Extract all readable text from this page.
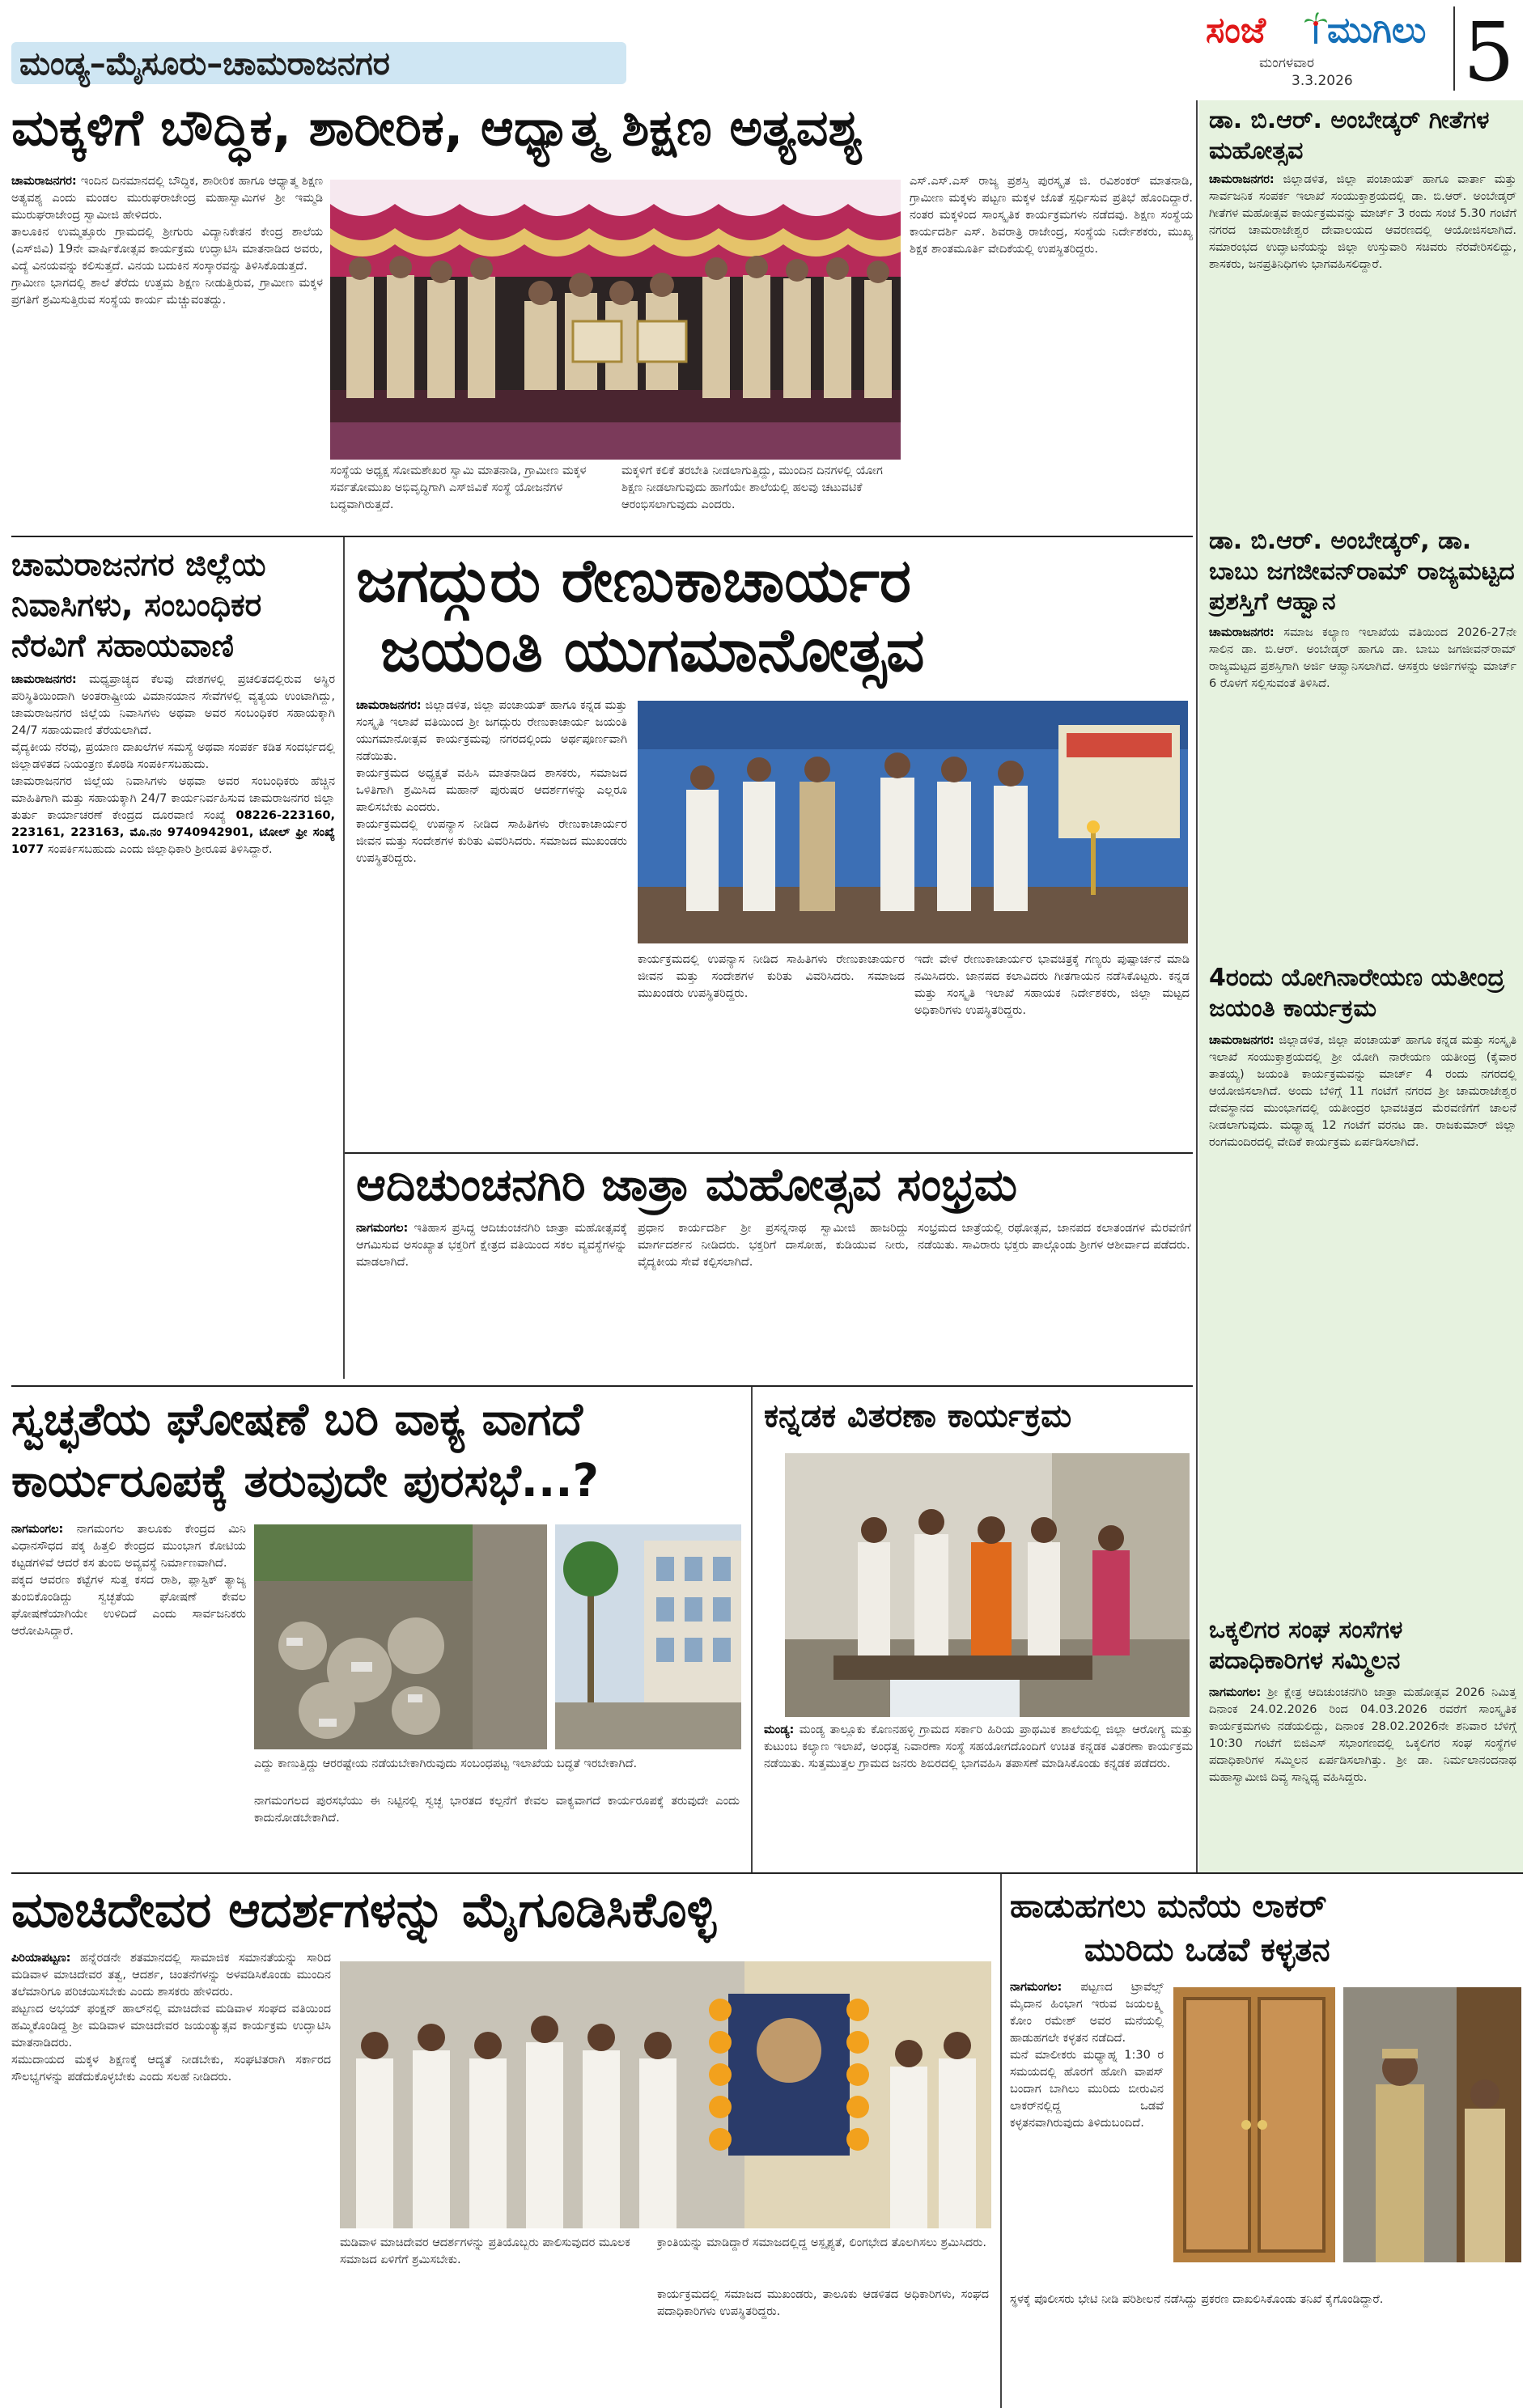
ಮಂಡ್ಯ–ಮೈಸೂರು–ಚಾಮರಾಜನಗರ
ಸಂಜೆ ಮುಗಿಲು
ಮಂಗಳವಾರ
3.3.2026 5
ಮಕ್ಕಳಿಗೆ ಬೌದ್ಧಿಕ, ಶಾರೀರಿಕ, ಆಧ್ಯಾತ್ಮ ಶಿಕ್ಷಣ ಅತ್ಯವಶ್ಯ
ಚಾಮರಾಜನಗರ: ಇಂದಿನ ದಿನಮಾನದಲ್ಲಿ ಬೌದ್ಧಿಕ, ಶಾರೀರಿಕ ಹಾಗೂ ಆಧ್ಯಾತ್ಮ ಶಿಕ್ಷಣ ಅತ್ಯವಶ್ಯ ಎಂದು ಮಂಡಲ ಮುರುಘರಾಜೇಂದ್ರ ಮಹಾಸ್ವಾಮಿಗಳ ಶ್ರೀ ಇಮ್ಮಡಿ ಮುರುಘರಾಜೇಂದ್ರ ಸ್ವಾಮೀಜಿ ಹೇಳಿದರು.
ತಾಲೂಕಿನ ಉಮ್ಮತ್ತೂರು ಗ್ರಾಮದಲ್ಲಿ ಶ್ರೀಗುರು ವಿದ್ಯಾನಿಕೇತನ ಕೇಂದ್ರ ಶಾಲೆಯ (ಎಸ್‌ಜಿವಿ) 19ನೇ ವಾರ್ಷಿಕೋತ್ಸವ ಕಾರ್ಯಕ್ರಮ ಉದ್ಘಾಟಿಸಿ ಮಾತನಾಡಿದ ಅವರು, ವಿದ್ಯೆ ವಿನಯವನ್ನು ಕಲಿಸುತ್ತದೆ. ವಿನಯ ಬದುಕಿನ ಸಂಸ್ಕಾರವನ್ನು ತಿಳಿಸಿಕೊಡುತ್ತದೆ.
ಗ್ರಾಮೀಣ ಭಾಗದಲ್ಲಿ ಶಾಲೆ ತೆರೆದು ಉತ್ತಮ ಶಿಕ್ಷಣ ನೀಡುತ್ತಿರುವ, ಗ್ರಾಮೀಣ ಮಕ್ಕಳ ಪ್ರಗತಿಗೆ ಶ್ರಮಿಸುತ್ತಿರುವ ಸಂಸ್ಥೆಯ ಕಾರ್ಯ ಮೆಚ್ಚುವಂತದ್ದು.
ಸಂಸ್ಥೆಯ ಅಧ್ಯಕ್ಷ ಸೋಮಶೇಖರ ಸ್ವಾಮಿ ಮಾತನಾಡಿ, ಗ್ರಾಮೀಣ ಮಕ್ಕಳ ಸರ್ವತೋಮುಖ ಅಭಿವೃದ್ಧಿಗಾಗಿ ಎಸ್‌ಜಿವಿಕೆ ಸಂಸ್ಥೆ ಯೋಜನೆಗಳ ಬದ್ಧವಾಗಿರುತ್ತದೆ.
ಮಕ್ಕಳಿಗೆ ಕಲಿಕೆ ತರಬೇತಿ ನೀಡಲಾಗುತ್ತಿದ್ದು, ಮುಂದಿನ ದಿನಗಳಲ್ಲಿ ಯೋಗ ಶಿಕ್ಷಣ ನೀಡಲಾಗುವುದು ಹಾಗೆಯೇ ಶಾಲೆಯಲ್ಲಿ ಹಲವು ಚಟುವಟಿಕೆ ಆರಂಭಿಸಲಾಗುವುದು ಎಂದರು.
ಎಸ್.ಎಸ್.ಎಸ್ ರಾಜ್ಯ ಪ್ರಶಸ್ತಿ ಪುರಸ್ಕೃತ ಜಿ. ರವಿಶಂಕರ್ ಮಾತನಾಡಿ, ಗ್ರಾಮೀಣ ಮಕ್ಕಳು ಪಟ್ಟಣ ಮಕ್ಕಳ ಜೊತೆ ಸ್ಪರ್ಧಿಸುವ ಪ್ರತಿಭೆ ಹೊಂದಿದ್ದಾರೆ. ನಂತರ ಮಕ್ಕಳಿಂದ ಸಾಂಸ್ಕೃತಿಕ ಕಾರ್ಯಕ್ರಮಗಳು ನಡೆದವು. ಶಿಕ್ಷಣ ಸಂಸ್ಥೆಯ ಕಾರ್ಯದರ್ಶಿ ಎಸ್. ಶಿವರಾತ್ರಿ ರಾಜೇಂದ್ರ, ಸಂಸ್ಥೆಯ ನಿರ್ದೇಶಕರು, ಮುಖ್ಯ ಶಿಕ್ಷಕ ಶಾಂತಮೂರ್ತಿ ವೇದಿಕೆಯಲ್ಲಿ ಉಪಸ್ಥಿತರಿದ್ದರು.
ಚಾಮರಾಜನಗರ ಜಿಲ್ಲೆಯ
ನಿವಾಸಿಗಳು, ಸಂಬಂಧಿಕರ
ನೆರವಿಗೆ ಸಹಾಯವಾಣಿ
ಚಾಮರಾಜನಗರ: ಮಧ್ಯಪ್ರಾಚ್ಯದ ಕೆಲವು ದೇಶಗಳಲ್ಲಿ ಪ್ರಚಲಿತದಲ್ಲಿರುವ ಅಸ್ಥಿರ ಪರಿಸ್ಥಿತಿಯಿಂದಾಗಿ ಅಂತರಾಷ್ಟ್ರೀಯ ವಿಮಾನಯಾನ ಸೇವೆಗಳಲ್ಲಿ ವ್ಯತ್ಯಯ ಉಂಟಾಗಿದ್ದು, ಚಾಮರಾಜನಗರ ಜಿಲ್ಲೆಯ ನಿವಾಸಿಗಳು ಅಥವಾ ಅವರ ಸಂಬಂಧಿಕರ ಸಹಾಯಕ್ಕಾಗಿ 24/7 ಸಹಾಯವಾಣಿ ತೆರೆಯಲಾಗಿದೆ.
ವೈದ್ಯಕೀಯ ನೆರವು, ಪ್ರಯಾಣ ದಾಖಲೆಗಳ ಸಮಸ್ಯೆ ಅಥವಾ ಸಂಪರ್ಕ ಕಡಿತ ಸಂದರ್ಭದಲ್ಲಿ ಜಿಲ್ಲಾಡಳಿತದ ನಿಯಂತ್ರಣ ಕೊಠಡಿ ಸಂಪರ್ಕಿಸಬಹುದು.
ಚಾಮರಾಜನಗರ ಜಿಲ್ಲೆಯ ನಿವಾಸಿಗಳು ಅಥವಾ ಅವರ ಸಂಬಂಧಿಕರು ಹೆಚ್ಚಿನ ಮಾಹಿತಿಗಾಗಿ ಮತ್ತು ಸಹಾಯಕ್ಕಾಗಿ 24/7 ಕಾರ್ಯನಿರ್ವಹಿಸುವ ಚಾಮರಾಜನಗರ ಜಿಲ್ಲಾ ತುರ್ತು ಕಾರ್ಯಾಚರಣೆ ಕೇಂದ್ರದ ದೂರವಾಣಿ ಸಂಖ್ಯೆ 08226-223160, 223161, 223163, ಮೊ.ನಂ 9740942901, ಟೋಲ್ ಫ್ರೀ ಸಂಖ್ಯೆ 1077 ಸಂಪರ್ಕಿಸಬಹುದು ಎಂದು ಜಿಲ್ಲಾಧಿಕಾರಿ ಶ್ರೀರೂಪ ತಿಳಿಸಿದ್ದಾರೆ.
ಜಗದ್ಗುರು ರೇಣುಕಾಚಾರ್ಯರ
ಜಯಂತಿ ಯುಗಮಾನೋತ್ಸವ
ಚಾಮರಾಜನಗರ: ಜಿಲ್ಲಾಡಳಿತ, ಜಿಲ್ಲಾ ಪಂಚಾಯತ್ ಹಾಗೂ ಕನ್ನಡ ಮತ್ತು ಸಂಸ್ಕೃತಿ ಇಲಾಖೆ ವತಿಯಿಂದ ಶ್ರೀ ಜಗದ್ಗುರು ರೇಣುಕಾಚಾರ್ಯ ಜಯಂತಿ ಯುಗಮಾನೋತ್ಸವ ಕಾರ್ಯಕ್ರಮವು ನಗರದಲ್ಲಿಂದು ಅರ್ಥಪೂರ್ಣವಾಗಿ ನಡೆಯಿತು.
ಕಾರ್ಯಕ್ರಮದ ಅಧ್ಯಕ್ಷತೆ ವಹಿಸಿ ಮಾತನಾಡಿದ ಶಾಸಕರು, ಸಮಾಜದ ಒಳಿತಿಗಾಗಿ ಶ್ರಮಿಸಿದ ಮಹಾನ್ ಪುರುಷರ ಆದರ್ಶಗಳನ್ನು ಎಲ್ಲರೂ ಪಾಲಿಸಬೇಕು ಎಂದರು.
ಕಾರ್ಯಕ್ರಮದಲ್ಲಿ ಉಪನ್ಯಾಸ ನೀಡಿದ ಸಾಹಿತಿಗಳು ರೇಣುಕಾಚಾರ್ಯರ ಜೀವನ ಮತ್ತು ಸಂದೇಶಗಳ ಕುರಿತು ವಿವರಿಸಿದರು. ಸಮಾಜದ ಮುಖಂಡರು ಉಪಸ್ಥಿತರಿದ್ದರು.
ಕಾರ್ಯಕ್ರಮದಲ್ಲಿ ಉಪನ್ಯಾಸ ನೀಡಿದ ಸಾಹಿತಿಗಳು ರೇಣುಕಾಚಾರ್ಯರ ಜೀವನ ಮತ್ತು ಸಂದೇಶಗಳ ಕುರಿತು ವಿವರಿಸಿದರು. ಸಮಾಜದ ಮುಖಂಡರು ಉಪಸ್ಥಿತರಿದ್ದರು.
ಇದೇ ವೇಳೆ ರೇಣುಕಾಚಾರ್ಯರ ಭಾವಚಿತ್ರಕ್ಕೆ ಗಣ್ಯರು ಪುಷ್ಪಾರ್ಚನೆ ಮಾಡಿ ನಮಿಸಿದರು. ಜಾನಪದ ಕಲಾವಿದರು ಗೀತಗಾಯನ ನಡೆಸಿಕೊಟ್ಟರು. ಕನ್ನಡ ಮತ್ತು ಸಂಸ್ಕೃತಿ ಇಲಾಖೆ ಸಹಾಯಕ ನಿರ್ದೇಶಕರು, ಜಿಲ್ಲಾ ಮಟ್ಟದ ಅಧಿಕಾರಿಗಳು ಉಪಸ್ಥಿತರಿದ್ದರು.
ಆದಿಚುಂಚನಗಿರಿ ಜಾತ್ರಾ ಮಹೋತ್ಸವ ಸಂಭ್ರಮ
ನಾಗಮಂಗಲ: ಇತಿಹಾಸ ಪ್ರಸಿದ್ಧ ಆದಿಚುಂಚನಗಿರಿ ಜಾತ್ರಾ ಮಹೋತ್ಸವಕ್ಕೆ ಆಗಮಿಸುವ ಅಸಂಖ್ಯಾತ ಭಕ್ತರಿಗೆ ಕ್ಷೇತ್ರದ ವತಿಯಿಂದ ಸಕಲ ವ್ಯವಸ್ಥೆಗಳನ್ನು ಮಾಡಲಾಗಿದೆ.
ಪ್ರಧಾನ ಕಾರ್ಯದರ್ಶಿ ಶ್ರೀ ಪ್ರಸನ್ನನಾಥ ಸ್ವಾಮೀಜಿ ಹಾಜರಿದ್ದು ಮಾರ್ಗದರ್ಶನ ನೀಡಿದರು. ಭಕ್ತರಿಗೆ ದಾಸೋಹ, ಕುಡಿಯುವ ನೀರು, ವೈದ್ಯಕೀಯ ಸೇವೆ ಕಲ್ಪಿಸಲಾಗಿದೆ.
ಸಂಭ್ರಮದ ಜಾತ್ರೆಯಲ್ಲಿ ರಥೋತ್ಸವ, ಜಾನಪದ ಕಲಾತಂಡಗಳ ಮೆರವಣಿಗೆ ನಡೆಯಿತು. ಸಾವಿರಾರು ಭಕ್ತರು ಪಾಲ್ಗೊಂಡು ಶ್ರೀಗಳ ಆಶೀರ್ವಾದ ಪಡೆದರು.
ಸ್ವಚ್ಛತೆಯ ಘೋಷಣೆ ಬರಿ ವಾಕ್ಯ ವಾಗದೆ
ಕಾರ್ಯರೂಪಕ್ಕೆ ತರುವುದೇ ಪುರಸಭೆ...?
ನಾಗಮಂಗಲ: ನಾಗಮಂಗಲ ತಾಲೂಕು ಕೇಂದ್ರದ ಮಿನಿ ವಿಧಾನಸೌಧದ ಪಕ್ಕ ಹಿತ್ತಲಿ ಕೇಂದ್ರದ ಮುಂಭಾಗ ಕೋಟಿಯ ಕಟ್ಟಡಗಳಿವೆ ಆದರೆ ಕಸ ತುಂಬಿ ಅವ್ಯವಸ್ಥೆ ನಿರ್ಮಾಣವಾಗಿದೆ.
ಪಕ್ಕದ ಆವರಣ ಕಟ್ಟೆಗಳ ಸುತ್ತ ಕಸದ ರಾಶಿ, ಪ್ಲಾಸ್ಟಿಕ್ ತ್ಯಾಜ್ಯ ತುಂಬಿಕೊಂಡಿದ್ದು ಸ್ವಚ್ಛತೆಯ ಘೋಷಣೆ ಕೇವಲ ಘೋಷಣೆಯಾಗಿಯೇ ಉಳಿದಿದೆ ಎಂದು ಸಾರ್ವಜನಿಕರು ಆರೋಪಿಸಿದ್ದಾರೆ.
ಎದ್ದು ಕಾಣುತ್ತಿದ್ದು ಆರರಷ್ಟೇಯ ನಡೆಯಬೇಕಾಗಿರುವುದು ಸಂಬಂಧಪಟ್ಟ ಇಲಾಖೆಯ ಬದ್ಧತೆ ಇರಬೇಕಾಗಿದೆ.
ನಾಗಮಂಗಲದ ಪುರಸಭೆಯು ಈ ನಿಟ್ಟಿನಲ್ಲಿ ಸ್ವಚ್ಛ ಭಾರತದ ಕಲ್ಪನೆಗೆ ಕೇವಲ ವಾಕ್ಯವಾಗದೆ ಕಾರ್ಯರೂಪಕ್ಕೆ ತರುವುದೇ ಎಂದು ಕಾದುನೋಡಬೇಕಾಗಿದೆ.
ಕನ್ನಡಕ ವಿತರಣಾ ಕಾರ್ಯಕ್ರಮ
ಮಂಡ್ಯ: ಮಂಡ್ಯ ತಾಲ್ಲೂಕು ಕೊಣನಹಳ್ಳಿ ಗ್ರಾಮದ ಸರ್ಕಾರಿ ಹಿರಿಯ ಪ್ರಾಥಮಿಕ ಶಾಲೆಯಲ್ಲಿ ಜಿಲ್ಲಾ ಆರೋಗ್ಯ ಮತ್ತು ಕುಟುಂಬ ಕಲ್ಯಾಣ ಇಲಾಖೆ, ಅಂಧತ್ವ ನಿವಾರಣಾ ಸಂಸ್ಥೆ ಸಹಯೋಗದೊಂದಿಗೆ ಉಚಿತ ಕನ್ನಡಕ ವಿತರಣಾ ಕಾರ್ಯಕ್ರಮ ನಡೆಯಿತು. ಸುತ್ತಮುತ್ತಲ ಗ್ರಾಮದ ಜನರು ಶಿಬಿರದಲ್ಲಿ ಭಾಗವಹಿಸಿ ತಪಾಸಣೆ ಮಾಡಿಸಿಕೊಂಡು ಕನ್ನಡಕ ಪಡೆದರು.
ಮಾಚಿದೇವರ ಆದರ್ಶಗಳನ್ನು ಮೈಗೂಡಿಸಿಕೊಳ್ಳಿ
ಪಿರಿಯಾಪಟ್ಟಣ: ಹನ್ನೆರಡನೇ ಶತಮಾನದಲ್ಲಿ ಸಾಮಾಜಿಕ ಸಮಾನತೆಯನ್ನು ಸಾರಿದ ಮಡಿವಾಳ ಮಾಚಿದೇವರ ತತ್ವ, ಆದರ್ಶ, ಚಿಂತನೆಗಳನ್ನು ಅಳವಡಿಸಿಕೊಂಡು ಮುಂದಿನ ತಲೆಮಾರಿಗೂ ಪರಿಚಯಿಸಬೇಕು ಎಂದು ಶಾಸಕರು ಹೇಳಿದರು.
ಪಟ್ಟಣದ ಅಭಯ್ ಫಂಕ್ಷನ್ ಹಾಲ್‌ನಲ್ಲಿ ಮಾಚಿದೇವ ಮಡಿವಾಳ ಸಂಘದ ವತಿಯಿಂದ ಹಮ್ಮಿಕೊಂಡಿದ್ದ ಶ್ರೀ ಮಡಿವಾಳ ಮಾಚಿದೇವರ ಜಯಂತ್ಯುತ್ಸವ ಕಾರ್ಯಕ್ರಮ ಉದ್ಘಾಟಿಸಿ ಮಾತನಾಡಿದರು.
ಸಮುದಾಯದ ಮಕ್ಕಳ ಶಿಕ್ಷಣಕ್ಕೆ ಆದ್ಯತೆ ನೀಡಬೇಕು, ಸಂಘಟಿತರಾಗಿ ಸರ್ಕಾರದ ಸೌಲಭ್ಯಗಳನ್ನು ಪಡೆದುಕೊಳ್ಳಬೇಕು ಎಂದು ಸಲಹೆ ನೀಡಿದರು.
ಮಡಿವಾಳ ಮಾಚಿದೇವರ ಆದರ್ಶಗಳನ್ನು ಪ್ರತಿಯೊಬ್ಬರು ಪಾಲಿಸುವುದರ ಮೂಲಕ ಸಮಾಜದ ಏಳಿಗೆಗೆ ಶ್ರಮಿಸಬೇಕು.
ಕ್ರಾಂತಿಯನ್ನು ಮಾಡಿದ್ದಾರೆ ಸಮಾಜದಲ್ಲಿದ್ದ ಅಸ್ಪೃಶ್ಯತೆ, ಲಿಂಗಭೇದ ತೊಲಗಿಸಲು ಶ್ರಮಿಸಿದರು.
ಕಾರ್ಯಕ್ರಮದಲ್ಲಿ ಸಮಾಜದ ಮುಖಂಡರು, ತಾಲೂಕು ಆಡಳಿತದ ಅಧಿಕಾರಿಗಳು, ಸಂಘದ ಪದಾಧಿಕಾರಿಗಳು ಉಪಸ್ಥಿತರಿದ್ದರು.
ಹಾಡುಹಗಲು ಮನೆಯ ಲಾಕರ್
ಮುರಿದು ಒಡವೆ ಕಳ್ಳತನ
ನಾಗಮಂಗಲ: ಪಟ್ಟಣದ ಟ್ರಾವೆಲ್ಸ್ ಮೈದಾನ ಹಿಂಭಾಗ ಇರುವ ಜಯಲಕ್ಷ್ಮಿ ಕೋಂ ರಮೇಶ್ ಅವರ ಮನೆಯಲ್ಲಿ ಹಾಡುಹಗಲೇ ಕಳ್ಳತನ ನಡೆದಿದೆ.
ಮನೆ ಮಾಲೀಕರು ಮಧ್ಯಾಹ್ನ 1:30 ರ ಸಮಯದಲ್ಲಿ ಹೊರಗೆ ಹೋಗಿ ವಾಪಸ್ ಬಂದಾಗ ಬಾಗಿಲು ಮುರಿದು ಬೀರುವಿನ ಲಾಕರ್‌ನಲ್ಲಿದ್ದ ಒಡವೆ ಕಳ್ಳತನವಾಗಿರುವುದು ತಿಳಿದುಬಂದಿದೆ.
ಸ್ಥಳಕ್ಕೆ ಪೊಲೀಸರು ಭೇಟಿ ನೀಡಿ ಪರಿಶೀಲನೆ ನಡೆಸಿದ್ದು ಪ್ರಕರಣ ದಾಖಲಿಸಿಕೊಂಡು ತನಿಖೆ ಕೈಗೊಂಡಿದ್ದಾರೆ.
ಡಾ. ಬಿ.ಆರ್. ಅಂಬೇಡ್ಕರ್ ಗೀತೆಗಳ ಮಹೋತ್ಸವ
ಚಾಮರಾಜನಗರ: ಜಿಲ್ಲಾಡಳಿತ, ಜಿಲ್ಲಾ ಪಂಚಾಯತ್ ಹಾಗೂ ವಾರ್ತಾ ಮತ್ತು ಸಾರ್ವಜನಿಕ ಸಂಪರ್ಕ ಇಲಾಖೆ ಸಂಯುಕ್ತಾಶ್ರಯದಲ್ಲಿ ಡಾ. ಬಿ.ಆರ್. ಅಂಬೇಡ್ಕರ್ ಗೀತೆಗಳ ಮಹೋತ್ಸವ ಕಾರ್ಯಕ್ರಮವನ್ನು ಮಾರ್ಚ್ 3 ರಂದು ಸಂಜೆ 5.30 ಗಂಟೆಗೆ ನಗರದ ಚಾಮರಾಜೇಶ್ವರ ದೇವಾಲಯದ ಆವರಣದಲ್ಲಿ ಆಯೋಜಿಸಲಾಗಿದೆ. ಸಮಾರಂಭದ ಉದ್ಘಾಟನೆಯನ್ನು ಜಿಲ್ಲಾ ಉಸ್ತುವಾರಿ ಸಚಿವರು ನೆರವೇರಿಸಲಿದ್ದು, ಶಾಸಕರು, ಜನಪ್ರತಿನಿಧಿಗಳು ಭಾಗವಹಿಸಲಿದ್ದಾರೆ.
ಡಾ. ಬಿ.ಆರ್. ಅಂಬೇಡ್ಕರ್, ಡಾ. ಬಾಬು ಜಗಜೀವನ್‌ರಾಮ್ ರಾಜ್ಯಮಟ್ಟದ ಪ್ರಶಸ್ತಿಗೆ ಆಹ್ವಾನ
ಚಾಮರಾಜನಗರ: ಸಮಾಜ ಕಲ್ಯಾಣ ಇಲಾಖೆಯ ವತಿಯಿಂದ 2026-27ನೇ ಸಾಲಿನ ಡಾ. ಬಿ.ಆರ್. ಅಂಬೇಡ್ಕರ್ ಹಾಗೂ ಡಾ. ಬಾಬು ಜಗಜೀವನ್‌ರಾಮ್ ರಾಜ್ಯಮಟ್ಟದ ಪ್ರಶಸ್ತಿಗಾಗಿ ಅರ್ಜಿ ಆಹ್ವಾನಿಸಲಾಗಿದೆ. ಆಸಕ್ತರು ಅರ್ಜಿಗಳನ್ನು ಮಾರ್ಚ್ 6 ರೊಳಗೆ ಸಲ್ಲಿಸುವಂತೆ ತಿಳಿಸಿದೆ.
4ರಂದು ಯೋಗಿನಾರೇಯಣ ಯತೀಂದ್ರ ಜಯಂತಿ ಕಾರ್ಯಕ್ರಮ
ಚಾಮರಾಜನಗರ: ಜಿಲ್ಲಾಡಳಿತ, ಜಿಲ್ಲಾ ಪಂಚಾಯತ್ ಹಾಗೂ ಕನ್ನಡ ಮತ್ತು ಸಂಸ್ಕೃತಿ ಇಲಾಖೆ ಸಂಯುಕ್ತಾಶ್ರಯದಲ್ಲಿ ಶ್ರೀ ಯೋಗಿ ನಾರೇಯಣ ಯತೀಂದ್ರ (ಕೈವಾರ ತಾತಯ್ಯ) ಜಯಂತಿ ಕಾರ್ಯಕ್ರಮವನ್ನು ಮಾರ್ಚ್ 4 ರಂದು ನಗರದಲ್ಲಿ ಆಯೋಜಿಸಲಾಗಿದೆ. ಅಂದು ಬೆಳಿಗ್ಗೆ 11 ಗಂಟೆಗೆ ನಗರದ ಶ್ರೀ ಚಾಮರಾಜೇಶ್ವರ ದೇವಸ್ಥಾನದ ಮುಂಭಾಗದಲ್ಲಿ ಯತೀಂದ್ರರ ಭಾವಚಿತ್ರದ ಮೆರವಣಿಗೆಗೆ ಚಾಲನೆ ನೀಡಲಾಗುವುದು. ಮಧ್ಯಾಹ್ನ 12 ಗಂಟೆಗೆ ವರನಟ ಡಾ. ರಾಜಕುಮಾರ್ ಜಿಲ್ಲಾ ರಂಗಮಂದಿರದಲ್ಲಿ ವೇದಿಕೆ ಕಾರ್ಯಕ್ರಮ ಏರ್ಪಡಿಸಲಾಗಿದೆ.
ಒಕ್ಕಲಿಗರ ಸಂಘ ಸಂಸೆಗಳ ಪದಾಧಿಕಾರಿಗಳ ಸಮ್ಮಿಲನ
ನಾಗಮಂಗಲ: ಶ್ರೀ ಕ್ಷೇತ್ರ ಆದಿಚುಂಚನಗಿರಿ ಜಾತ್ರಾ ಮಹೋತ್ಸವ 2026 ನಿಮಿತ್ತ ದಿನಾಂಕ 24.02.2026 ರಿಂದ 04.03.2026 ರವರೆಗೆ ಸಾಂಸ್ಕೃತಿಕ ಕಾರ್ಯಕ್ರಮಗಳು ನಡೆಯಲಿದ್ದು, ದಿನಾಂಕ 28.02.2026ನೇ ಶನಿವಾರ ಬೆಳಿಗ್ಗೆ 10:30 ಗಂಟೆಗೆ ಬಿಜಿಎಸ್ ಸಭಾಂಗಣದಲ್ಲಿ ಒಕ್ಕಲಿಗರ ಸಂಘ ಸಂಸ್ಥೆಗಳ ಪದಾಧಿಕಾರಿಗಳ ಸಮ್ಮಿಲನ ಏರ್ಪಡಿಸಲಾಗಿತ್ತು. ಶ್ರೀ ಡಾ. ನಿರ್ಮಲಾನಂದನಾಥ ಮಹಾಸ್ವಾಮೀಜಿ ದಿವ್ಯ ಸಾನ್ನಿಧ್ಯ ವಹಿಸಿದ್ದರು.
